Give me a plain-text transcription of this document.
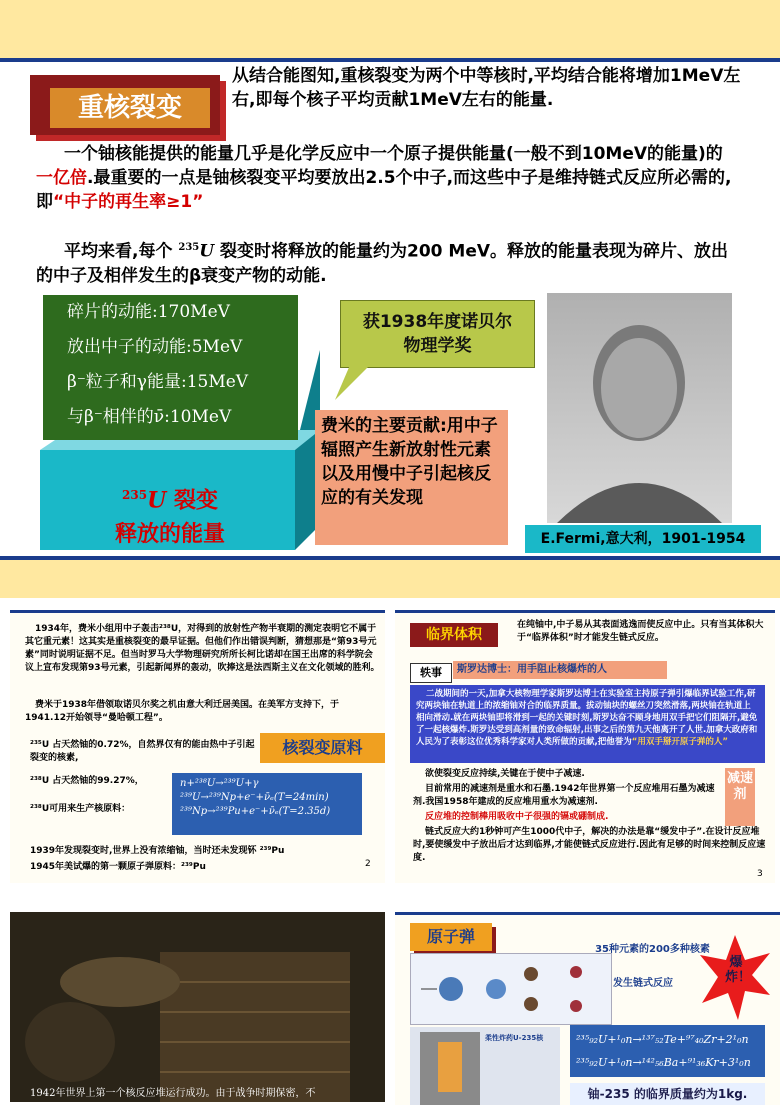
重核裂变
从结合能图知,重核裂变为两个中等核时,平均结合能将增加1MeV左右,即每个核子平均贡献1MeV左右的能量.
一个铀核能提供的能量几乎是化学反应中一个原子提供能量(一般不到10MeV的能量)的一亿倍.最重要的一点是铀核裂变平均要放出2.5个中子,而这些中子是维持链式反应所必需的,即“中子的再生率≥1”
平均来看,每个 $^{235}$U 裂变时将释放的能量约为200 MeV。释放的能量表现为碎片、放出的中子及相伴发生的β衰变产物的动能.
碎片的动能:170MeV
放出中子的动能:5MeV
β⁻粒子和γ能量:15MeV
与β⁻相伴的ν̄:10MeV
$^{235}$U 裂变
释放的能量
获1938年度诺贝尔物理学奖
费米的主要贡献:用中子辐照产生新放射性元素以及用慢中子引起核反应的有关发现
E.Fermi,意大利，1901-1954
1934年，费米小组用中子轰击²³⁸U，对得到的放射性产物半衰期的测定表明它不属于其它重元素！这其实是重核裂变的最早证据。但他们作出错误判断，猜想那是“第93号元素”同时说明证据不足。但当时罗马大学物理研究所所长柯比诺却在国王出席的科学院会议上宣布发现第93号元素，引起新闻界的轰动，吹捧这是法西斯主义在文化领域的胜利。
费米于1938年借领取诺贝尔奖之机由意大利迁居美国。在美军方支持下，于1941.12开始领导“曼哈顿工程”。
²³⁵U 占天然铀的0.72%，自然界仅有的能由热中子引起裂变的核素,
核裂变原料
²³⁸U 占天然铀的99.27%，
²³⁸U可用来生产核原料：
n+²³⁸U→²³⁹U+γ
²³⁹U→²³⁹Np+e⁻+ν̄ₑ(T=24min)
²³⁹Np→²³⁹Pu+e⁻+ν̄ₑ(T=2.35d)
1939年发现裂变时,世界上没有浓缩铀，当时还未发现钚 ²³⁹Pu
1945年美试爆的第一颗原子弹原料：²³⁹Pu	2
临界体积
在纯铀中,中子易从其表面逃逸而使反应中止。只有当其体积大于“临界体积”时才能发生链式反应。
轶事	斯罗达博士：用手阻止核爆炸的人
二战期间的一天,加拿大核物理学家斯罗达博士在实验室主持原子弹引爆临界试验工作,研究两块铀在轨道上的浓缩铀对合的临界质量。拔动铀块的螺丝刀突然滑落,两块铀在轨道上相向滑动.就在两块铀即将滑到一起的关键时刻,斯罗达奋不顾身地用双手把它们阻隔开,避免了一起核爆炸.斯罗达受到高剂量的致命辐射,出事之后的第九天他离开了人世.加拿大政府和人民为了表彰这位优秀科学家对人类所做的贡献,把他誉为“用双手掰开原子弹的人”
减速剂
欲使裂变反应持续,关键在于使中子减速.
目前常用的减速剂是重水和石墨.1942年世界第一个反应堆用石墨为减速剂.我国1958年建成的反应堆用重水为减速剂.
反应堆的控制棒用吸收中子很强的镉或硼制成.
链式反应大约1秒钟可产生1000代中子，解决的办法是靠“缓发中子”.在设计反应堆时,要使缓发中子放出后才达到临界,才能使链式反应进行.因此有足够的时间来控制反应速度.
3
1942年世界上第一个核反应堆运行成功。由于战争时期保密，不
原子弹
35种元素的200多种核素
发生链式反应
爆炸！
柔性炸药U-235核	²³⁵₉₂U+¹₀n→¹³⁷₅₂Te+⁹⁷₄₀Zr+2¹₀n
²³⁵₉₂U+¹₀n→¹⁴²₅₆Ba+⁹¹₃₆Kr+3¹₀n
铀-235 的临界质量约为1kg.
